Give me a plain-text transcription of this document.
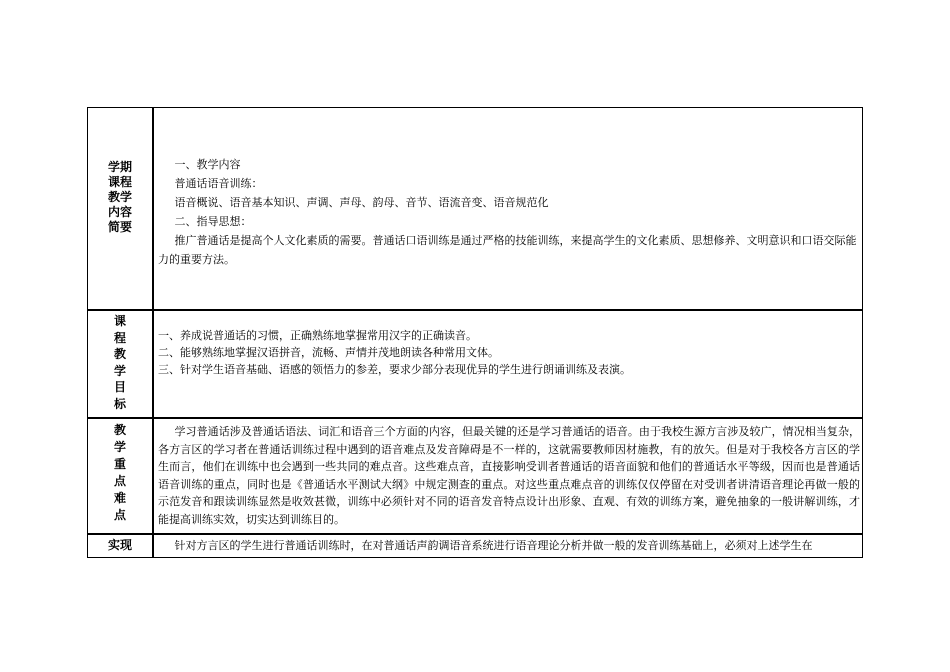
学期
课程
教学
内容
简要

一、教学内容

普通话语音训练：

语音概说、语音基本知识、声调、声母、韵母、音节、语流音变、语音规范化

二、指导思想：

推广普通话是提高个人文化素质的需要。普通话口语训练是通过严格的技能训练，来提高学生的文化素质、思想修养、文明意识和口语交际能力的重要方法。

课
程
教
学
目
标

一、养成说普通话的习惯，正确熟练地掌握常用汉字的正确读音。

二、能够熟练地掌握汉语拼音，流畅、声情并茂地朗读各种常用文体。

三、针对学生语音基础、语感的领悟力的参差，要求少部分表现优异的学生进行朗诵训练及表演。

教
学
重
点
难
点

学习普通话涉及普通话语法、词汇和语音三个方面的内容，但最关键的还是学习普通话的语音。由于我校生源方言涉及较广，情况相当复杂，各方言区的学习者在普通话训练过程中遇到的语音难点及发音障碍是不一样的，这就需要教师因材施教，有的放矢。但是对于我校各方言区的学生而言，他们在训练中也会遇到一些共同的难点音。这些难点音，直接影响受训者普通话的语音面貌和他们的普通话水平等级，因而也是普通话语音训练的重点，同时也是《普通话水平测试大纲》中规定测查的重点。对这些重点难点音的训练仅仅停留在对受训者讲清语音理论再做一般的示范发音和跟读训练显然是收效甚微，训练中必须针对不同的语音发音特点设计出形象、直观、有效的训练方案，避免抽象的一般讲解训练，才能提高训练实效，切实达到训练目的。

实现	针对方言区的学生进行普通话训练时，在对普通话声韵调语音系统进行语音理论分析并做一般的发音训练基础上，必须对上述学生在
